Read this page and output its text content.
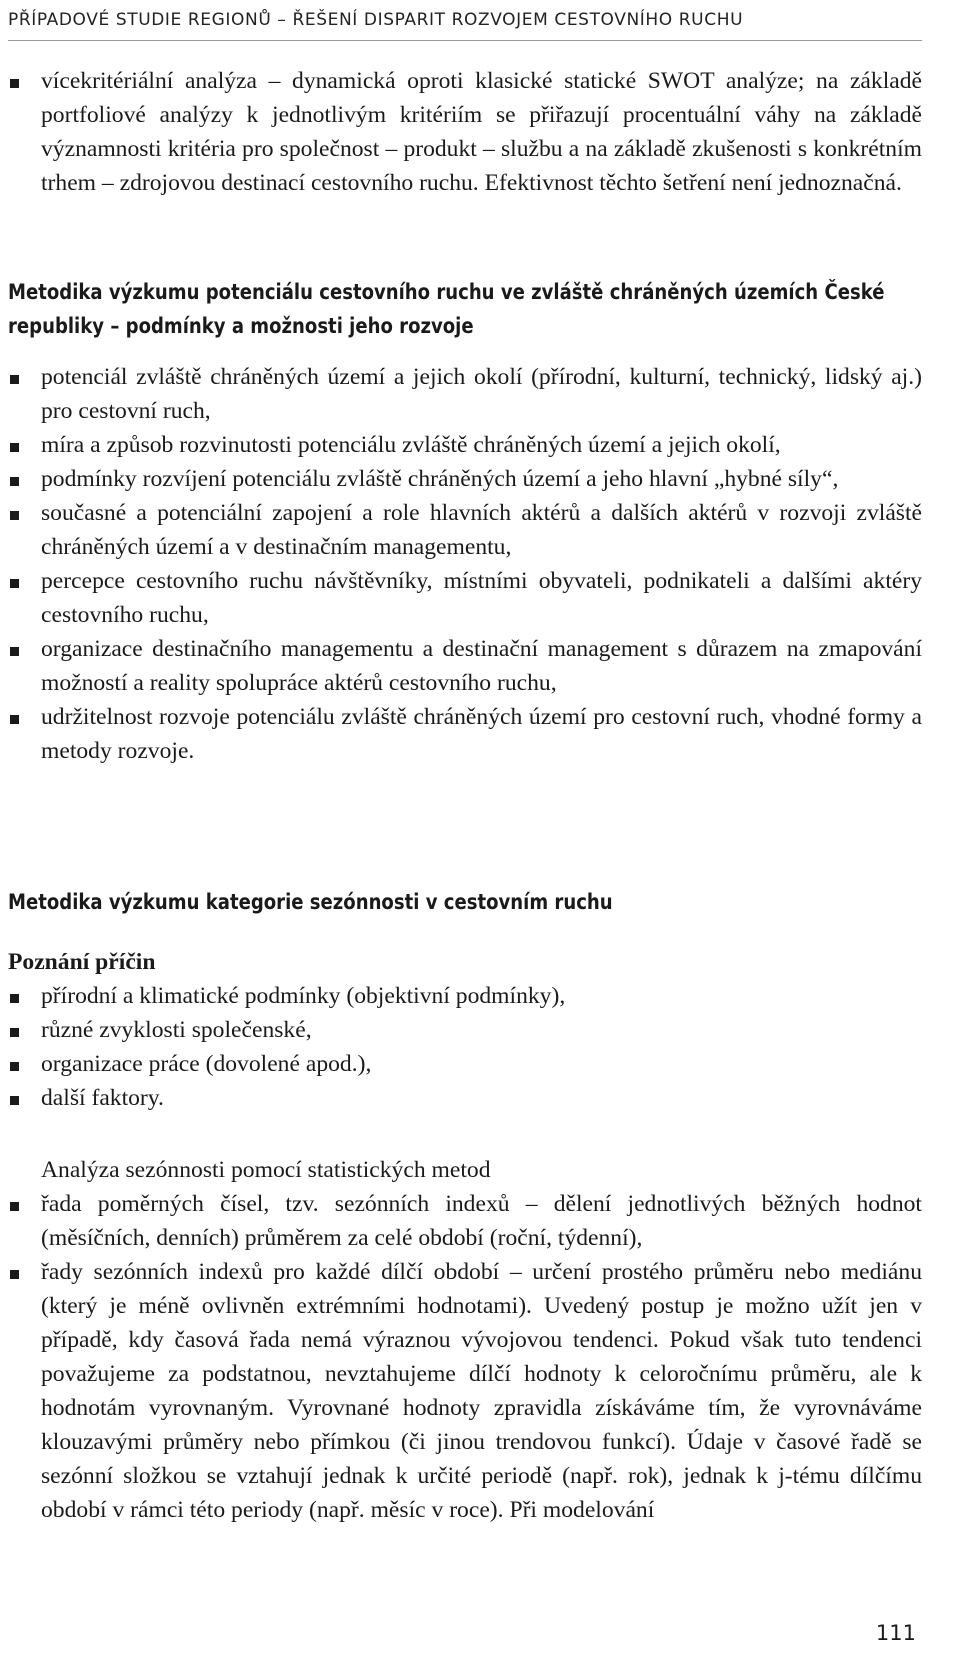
PŘÍPADOVÉ STUDIE REGIONŮ – ŘEŠENÍ DISPARIT ROZVOJEM CESTOVNÍHO RUCHU
vícekritériální analýza – dynamická oproti klasické statické SWOT analýze; na základě portfoliové analýzy k jednotlivým kritériím se přiřazují procentuální váhy na základě významnosti kritéria pro společnost – produkt – službu a na základě zkušenosti s konkrétním trhem – zdrojovou destinací cestovního ruchu. Efektivnost těchto šetření není jednoznačná.
Metodika výzkumu potenciálu cestovního ruchu ve zvláště chráněných územích České republiky – podmínky a možnosti jeho rozvoje
potenciál zvláště chráněných území a jejich okolí (přírodní, kulturní, technický, lidský aj.) pro cestovní ruch,
míra a způsob rozvinutosti potenciálu zvláště chráněných území a jejich okolí,
podmínky rozvíjení potenciálu zvláště chráněných území a jeho hlavní „hybné síly“,
současné a potenciální zapojení a role hlavních aktérů a dalších aktérů v rozvoji zvláště chráněných území a v destinačním managementu,
percepce cestovního ruchu návštěvníky, místními obyvateli, podnikateli a dalšími aktéry cestovního ruchu,
organizace destinačního managementu a destinační management s důrazem na zmapování možností a reality spolupráce aktérů cestovního ruchu,
udržitelnost rozvoje potenciálu zvláště chráněných území pro cestovní ruch, vhodné formy a metody rozvoje.
Metodika výzkumu kategorie sezónnosti v cestovním ruchu
Poznání příčin
přírodní a klimatické podmínky (objektivní podmínky),
různé zvyklosti společenské,
organizace práce (dovolené apod.),
další faktory.
Analýza sezónnosti pomocí statistických metod
řada poměrných čísel, tzv. sezónních indexů – dělení jednotlivých běžných hodnot (měsíčních, denních) průměrem za celé období (roční, týdenní),
řady sezónních indexů pro každé dílčí období – určení prostého průměru nebo mediánu (který je méně ovlivněn extrémními hodnotami). Uvedený postup je možno užít jen v případě, kdy časová řada nemá výraznou vývojovou tendenci. Pokud však tuto tendenci považujeme za podstatnou, nevztahujeme dílčí hodnoty k celoročnímu průměru, ale k hodnotám vyrovnaným. Vyrovnané hodnoty zpravidla získáváme tím, že vyrovnáváme klouzavými průměry nebo přímkou (či jinou trendovou funkcí). Údaje v časové řadě se sezónní složkou se vztahují jednak k určité periodě (např. rok), jednak k j-tému dílčímu období v rámci této periody (např. měsíc v roce). Při modelování
111
